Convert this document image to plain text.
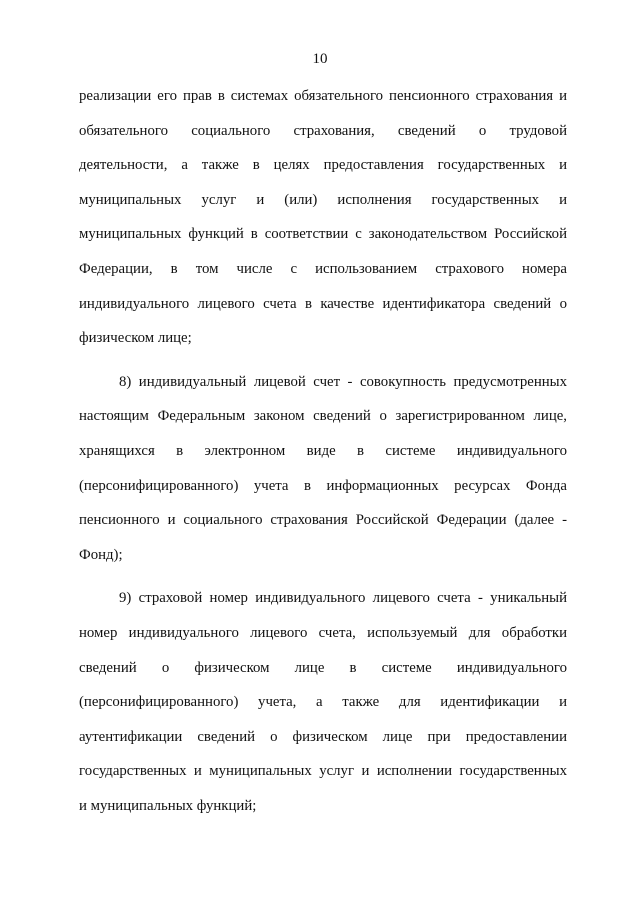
10

реализации его прав в системах обязательного пенсионного страхования и
обязательного социального страхования, сведений о трудовой
деятельности, а также в целях предоставления государственных и
муниципальных услуг и (или) исполнения государственных и
муниципальных функций в соответствии с законодательством Российской
Федерации, в том числе с использованием страхового номера
индивидуального лицевого счета в качестве идентификатора сведений о
физическом лице;

8) индивидуальный лицевой счет - совокупность предусмотренных
настоящим Федеральным законом сведений о зарегистрированном лице,
хранящихся в электронном виде в системе индивидуального
(персонифицированного) учета в информационных ресурсах Фонда
пенсионного и социального страхования Российской Федерации (далее -
Фонд);

9) страховой номер индивидуального лицевого счета - уникальный
номер индивидуального лицевого счета, используемый для обработки
сведений о физическом лице в системе индивидуального
(персонифицированного) учета, а также для идентификации и
аутентификации сведений о физическом лице при предоставлении
государственных и муниципальных услуг и исполнении государственных
и муниципальных функций;
